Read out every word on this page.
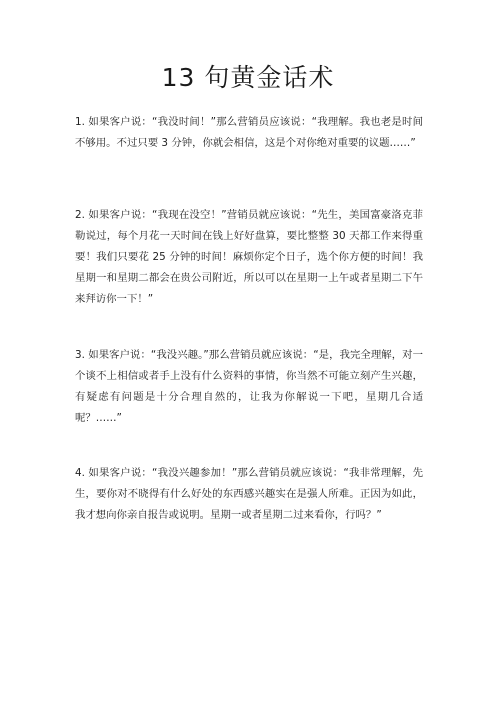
13 句黄金话术

1. 如果客户说：“我没时间！”那么营销员应该说：“我理解。我也老是时间不够用。不过只要 3 分钟，你就会相信，这是个对你绝对重要的议题……”

2. 如果客户说：“我现在没空！”营销员就应该说：“先生，美国富豪洛克菲勒说过，每个月花一天时间在钱上好好盘算，要比整整 30 天都工作来得重要！我们只要花 25 分钟的时间！麻烦你定个日子，选个你方便的时间！我星期一和星期二都会在贵公司附近，所以可以在星期一上午或者星期二下午来拜访你一下！”

3. 如果客户说：“我没兴趣。”那么营销员就应该说：“是，我完全理解，对一个谈不上相信或者手上没有什么资料的事情，你当然不可能立刻产生兴趣，有疑虑有问题是十分合理自然的，让我为你解说一下吧，星期几合适呢？……”

4. 如果客户说：“我没兴趣参加！”那么营销员就应该说：“我非常理解，先生，要你对不晓得有什么好处的东西感兴趣实在是强人所难。正因为如此，我才想向你亲自报告或说明。星期一或者星期二过来看你，行吗？”
